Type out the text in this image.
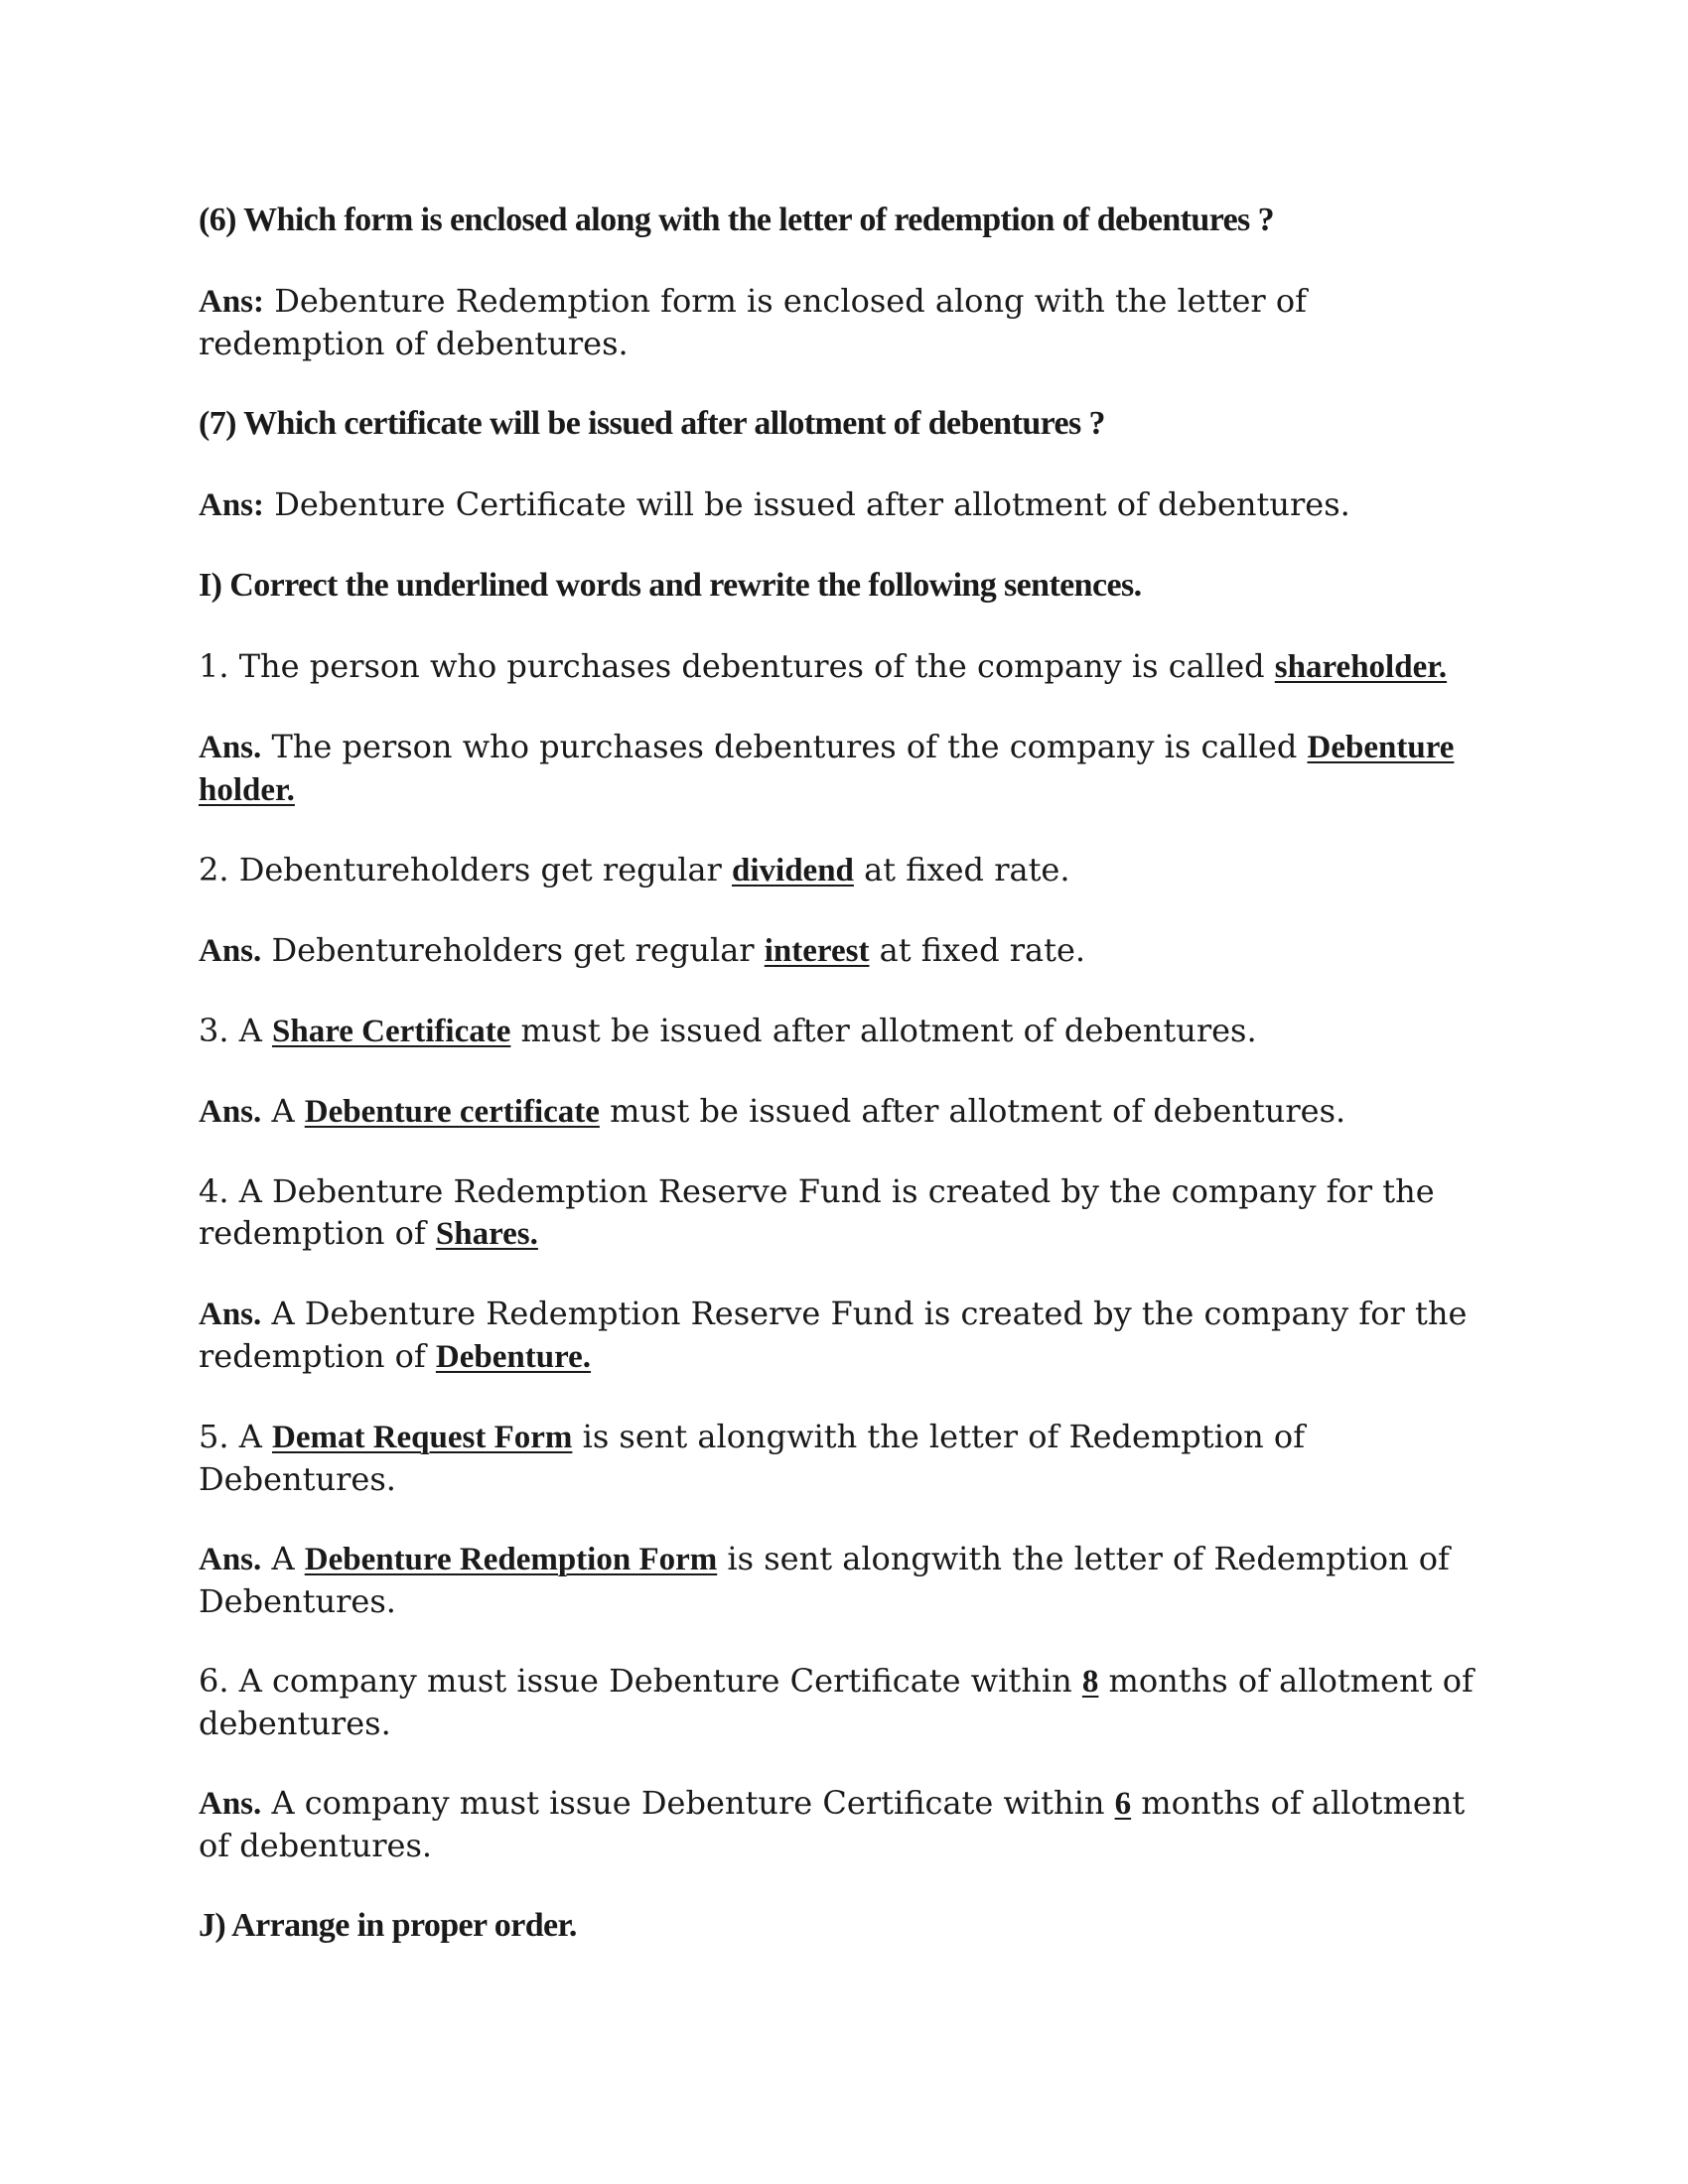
(6) Which form is enclosed along with the letter of redemption of debentures ?
Ans: Debenture Redemption form is enclosed along with the letter of redemption of debentures.
(7) Which certificate will be issued after allotment of debentures ?
Ans: Debenture Certificate will be issued after allotment of debentures.
I) Correct the underlined words and rewrite the following sentences.
1. The person who purchases debentures of the company is called shareholder.
Ans. The person who purchases debentures of the company is called Debenture holder.
2. Debentureholders get regular dividend at fixed rate.
Ans. Debentureholders get regular interest at fixed rate.
3. A Share Certificate must be issued after allotment of debentures.
Ans. A Debenture certificate must be issued after allotment of debentures.
4. A Debenture Redemption Reserve Fund is created by the company for the redemption of Shares.
Ans. A Debenture Redemption Reserve Fund is created by the company for the redemption of Debenture.
5. A Demat Request Form is sent alongwith the letter of Redemption of Debentures.
Ans. A Debenture Redemption Form is sent alongwith the letter of Redemption of Debentures.
6. A company must issue Debenture Certificate within 8 months of allotment of debentures.
Ans. A company must issue Debenture Certificate within 6 months of allotment of debentures.
J) Arrange in proper order.
